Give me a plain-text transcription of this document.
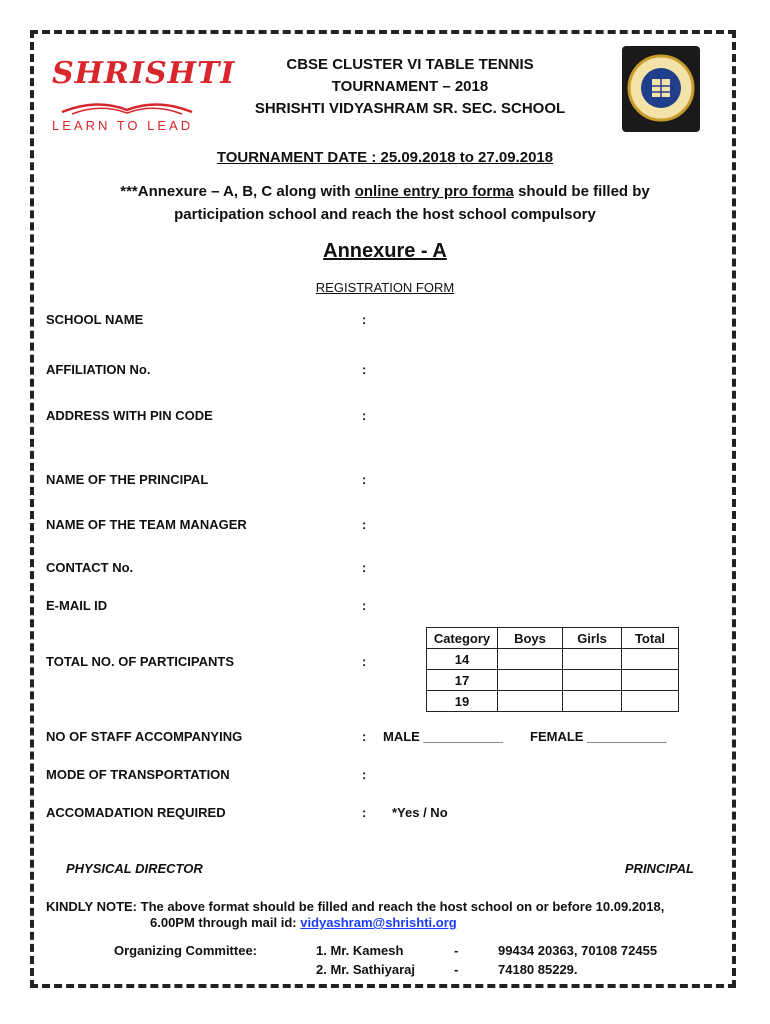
SHRISHTI
LEARN TO LEAD
CBSE CLUSTER VI TABLE TENNIS
TOURNAMENT – 2018
SHRISHTI VIDYASHRAM SR. SEC. SCHOOL
TOURNAMENT DATE : 25.09.2018 to 27.09.2018
***Annexure – A, B, C along with online entry pro forma should be filled by
participation school and reach the host school compulsory
Annexure - A
REGISTRATION FORM
SCHOOL NAME	:
AFFILIATION No.	:
ADDRESS WITH PIN CODE	:
NAME OF THE PRINCIPAL	:
NAME OF THE TEAM MANAGER	:
CONTACT No.	:
E-MAIL ID	:
TOTAL NO. OF PARTICIPANTS	:
Category	Boys	Girls	Total
14			
17			
19			
NO OF STAFF ACCOMPANYING	: MALE ___________ FEMALE ___________
MODE OF TRANSPORTATION	:
ACCOMADATION REQUIRED	: *Yes / No
PHYSICAL DIRECTOR	PRINCIPAL
KINDLY NOTE: The above format should be filled and reach the host school on or before 10.09.2018,
6.00PM through mail id: vidyashram@shrishti.org
Organizing Committee:	1. Mr. Kamesh	-	99434 20363, 70108 72455
2. Mr. Sathiyaraj	-	74180 85229.
